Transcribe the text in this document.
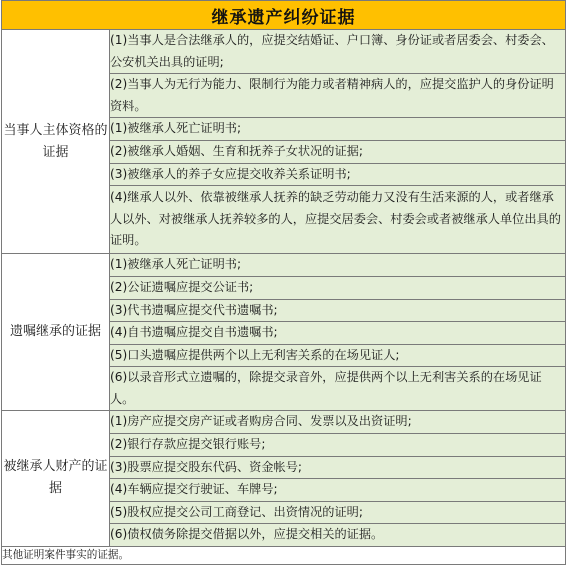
继承遗产纠纷证据	
当事人主体资格的证据	(1)当事人是合法继承人的，应提交结婚证、户口簿、身份证或者居委会、村委会、公安机关出具的证明;
	(2)当事人为无行为能力、限制行为能力或者精神病人的，应提交监护人的身份证明资料。
	(1)被继承人死亡证明书;
	(2)被继承人婚姻、生育和抚养子女状况的证据;
	(3)被继承人的养子女应提交收养关系证明书;
	(4)继承人以外、依靠被继承人抚养的缺乏劳动能力又没有生活来源的人，或者继承人以外、对被继承人抚养较多的人，应提交居委会、村委会或者被继承人单位出具的证明。
遗嘱继承的证据	(1)被继承人死亡证明书;
	(2)公证遗嘱应提交公证书;
	(3)代书遗嘱应提交代书遗嘱书;
	(4)自书遗嘱应提交自书遗嘱书;
	(5)口头遗嘱应提供两个以上无利害关系的在场见证人;
	(6)以录音形式立遗嘱的，除提交录音外，应提供两个以上无利害关系的在场见证人。
被继承人财产的证据	(1)房产应提交房产证或者购房合同、发票以及出资证明;
	(2)银行存款应提交银行账号;
	(3)股票应提交股东代码、资金帐号;
	(4)车辆应提交行驶证、车牌号;
	(5)股权应提交公司工商登记、出资情况的证明;
	(6)债权债务除提交借据以外，应提交相关的证据。
其他证明案件事实的证据。	
